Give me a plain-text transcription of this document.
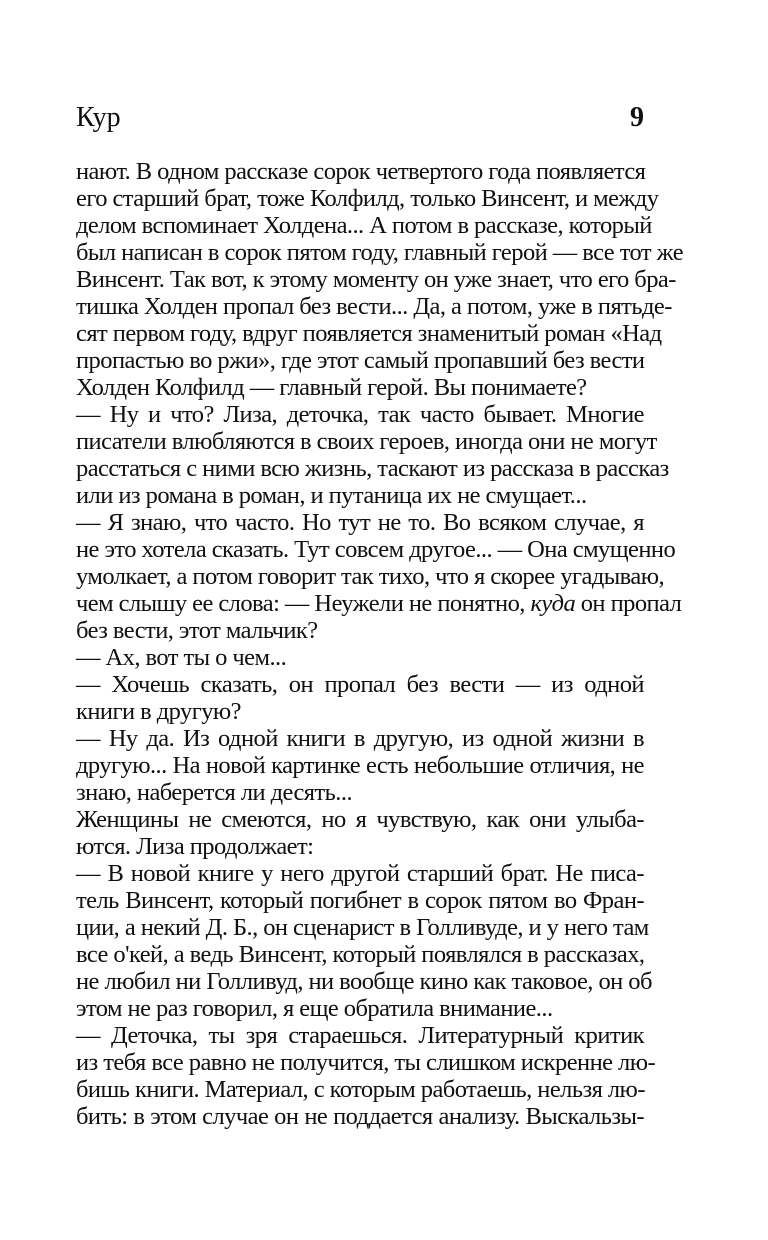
Кур	9
нают. В одном рассказе сорок четвертого года появляется
его старший брат, тоже Колфилд, только Винсент, и между
делом вспоминает Холдена... А потом в рассказе, который
был написан в сорок пятом году, главный герой — все тот же
Винсент. Так вот, к этому моменту он уже знает, что его бра-
тишка Холден пропал без вести... Да, а потом, уже в пятьде-
сят первом году, вдруг появляется знаменитый роман «Над
пропастью во ржи», где этот самый пропавший без вести
Холден Колфилд — главный герой. Вы понимаете?
— Ну и что? Лиза, деточка, так часто бывает. Многие
писатели влюбляются в своих героев, иногда они не могут
расстаться с ними всю жизнь, таскают из рассказа в рассказ
или из романа в роман, и путаница их не смущает...
— Я знаю, что часто. Но тут не то. Во всяком случае, я
не это хотела сказать. Тут совсем другое... — Она смущенно
умолкает, а потом говорит так тихо, что я скорее угадываю,
чем слышу ее слова: — Неужели не понятно, куда он пропал
без вести, этот мальчик?
— Ах, вот ты о чем...
— Хочешь сказать, он пропал без вести — из одной
книги в другую?
— Ну да. Из одной книги в другую, из одной жизни в
другую... На новой картинке есть небольшие отличия, не
знаю, наберется ли десять...
Женщины не смеются, но я чувствую, как они улыба-
ются. Лиза продолжает:
— В новой книге у него другой старший брат. Не писа-
тель Винсент, который погибнет в сорок пятом во Фран-
ции, а некий Д. Б., он сценарист в Голливуде, и у него там
все о'кей, а ведь Винсент, который появлялся в рассказах,
не любил ни Голливуд, ни вообще кино как таковое, он об
этом не раз говорил, я еще обратила внимание...
— Деточка, ты зря стараешься. Литературный критик
из тебя все равно не получится, ты слишком искренне лю-
бишь книги. Материал, с которым работаешь, нельзя лю-
бить: в этом случае он не поддается анализу. Выскальзы-
